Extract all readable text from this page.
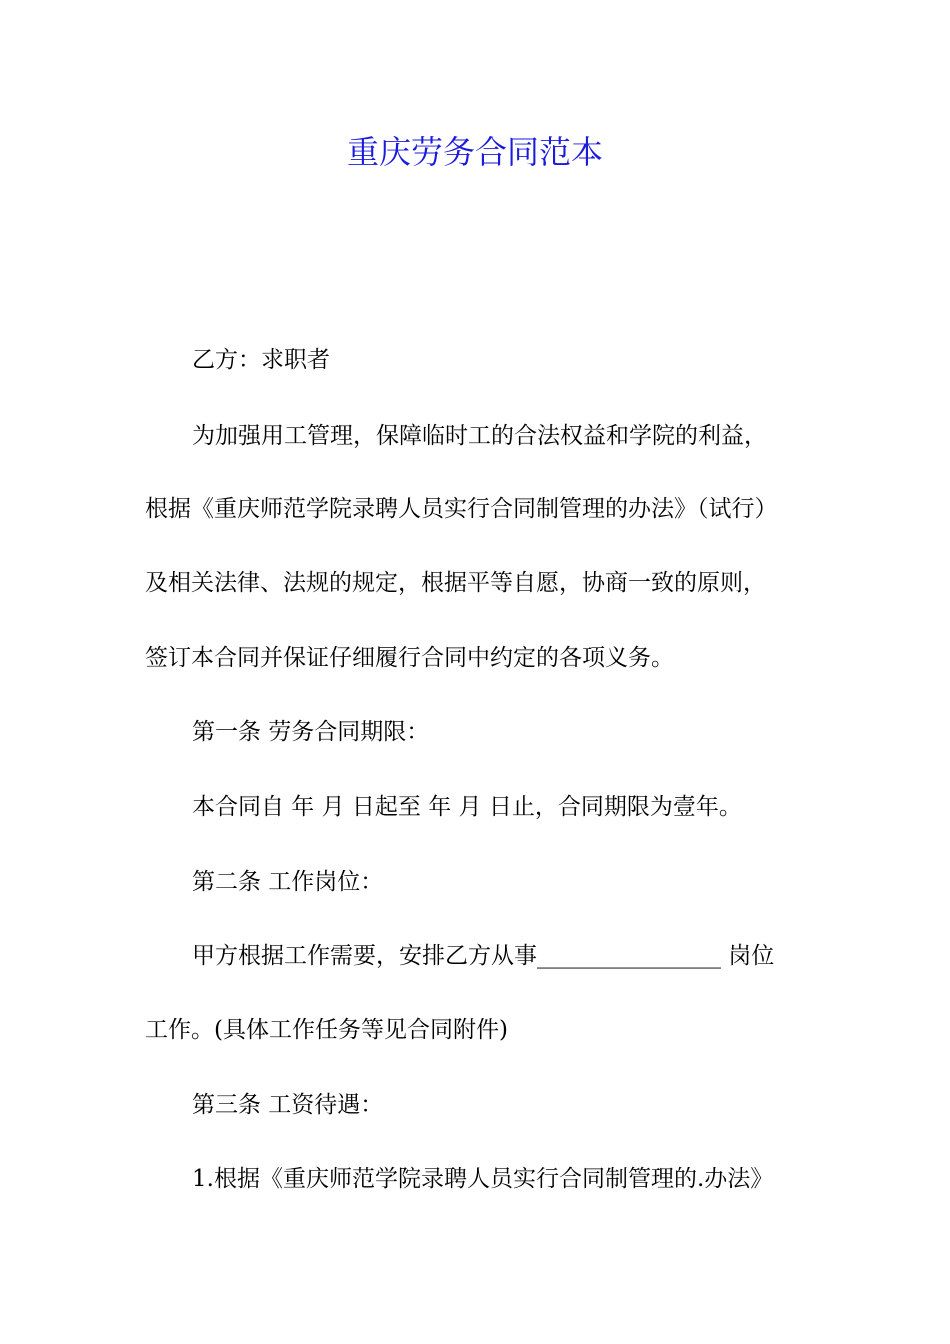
重庆劳务合同范本
乙方：求职者
为加强用工管理，保障临时工的合法权益和学院的利益，
根据《重庆师范学院录聘人员实行合同制管理的办法》（试行）
及相关法律、法规的规定，根据平等自愿，协商一致的原则，
签订本合同并保证仔细履行合同中约定的各项义务。
第一条 劳务合同期限：
本合同自 年 月 日起至 年 月 日止，合同期限为壹年。
第二条 工作岗位：
甲方根据工作需要，安排乙方从事________________ 岗位
工作。(具体工作任务等见合同附件)
第三条 工资待遇：
1.根据《重庆师范学院录聘人员实行合同制管理的.办法》
